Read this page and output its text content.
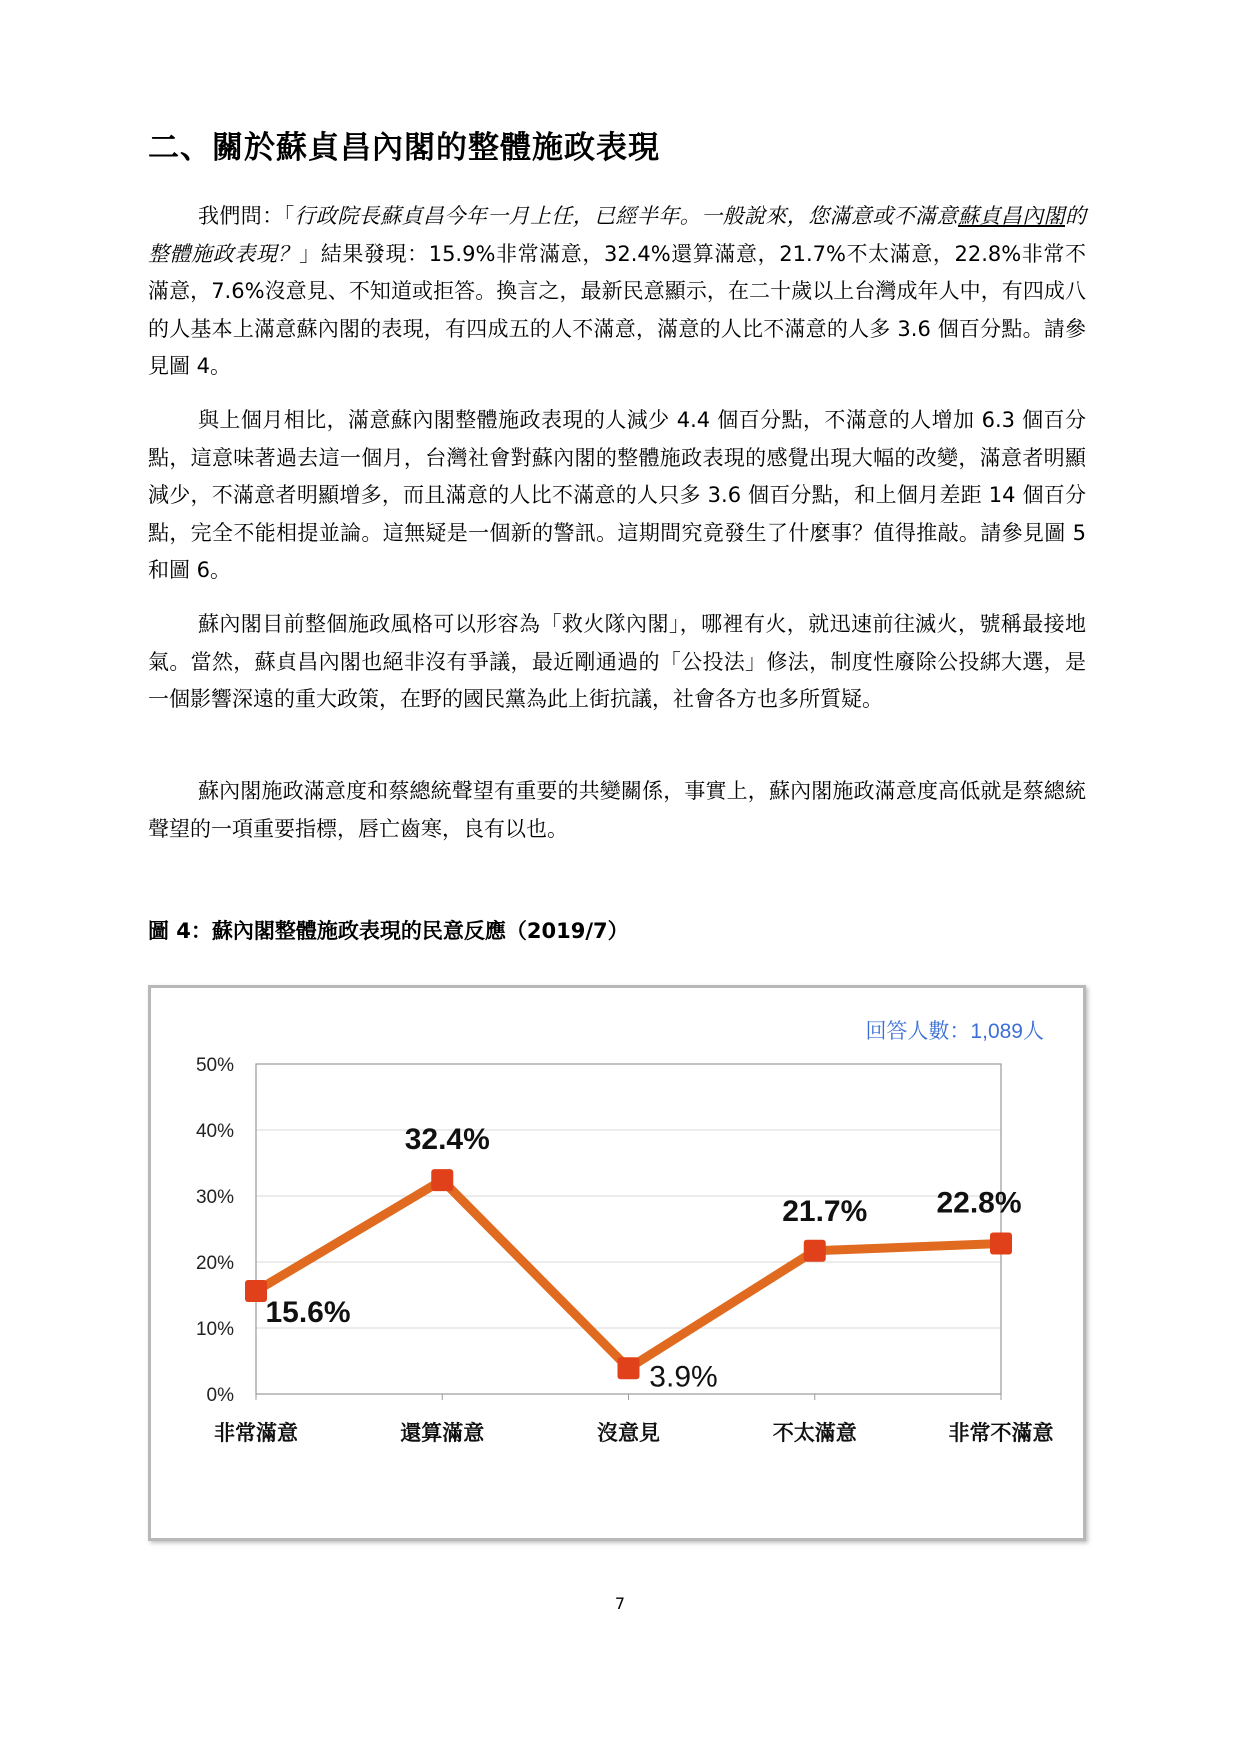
二、關於蘇貞昌內閣的整體施政表現

我們問：「行政院長蘇貞昌今年一月上任，已經半年。一般說來，您滿意或不滿意蘇貞昌內閣的整體施政表現？」結果發現：15.9%非常滿意，32.4%還算滿意，21.7%不太滿意，22.8%非常不滿意，7.6%沒意見、不知道或拒答。換言之，最新民意顯示，在二十歲以上台灣成年人中，有四成八的人基本上滿意蘇內閣的表現，有四成五的人不滿意，滿意的人比不滿意的人多 3.6 個百分點。請參見圖 4。

與上個月相比，滿意蘇內閣整體施政表現的人減少 4.4 個百分點，不滿意的人增加 6.3 個百分點，這意味著過去這一個月，台灣社會對蘇內閣的整體施政表現的感覺出現大幅的改變，滿意者明顯減少，不滿意者明顯增多，而且滿意的人比不滿意的人只多 3.6 個百分點，和上個月差距 14 個百分點，完全不能相提並論。這無疑是一個新的警訊。這期間究竟發生了什麼事？值得推敲。請參見圖 5 和圖 6。

蘇內閣目前整個施政風格可以形容為「救火隊內閣」，哪裡有火，就迅速前往滅火，號稱最接地氣。當然，蘇貞昌內閣也絕非沒有爭議，最近剛通過的「公投法」修法，制度性廢除公投綁大選，是一個影響深遠的重大政策，在野的國民黨為此上街抗議，社會各方也多所質疑。

蘇內閣施政滿意度和蔡總統聲望有重要的共變關係，事實上，蘇內閣施政滿意度高低就是蔡總統聲望的一項重要指標，唇亡齒寒，良有以也。

圖 4：蘇內閣整體施政表現的民意反應（2019/7）

0%
10%
20%
30%
40%
50%
非常滿意	還算滿意	沒意見	不太滿意	非常不滿意
15.6%
32.4%
3.9%
21.7% 22.8%
回答人數：1,089人

7
